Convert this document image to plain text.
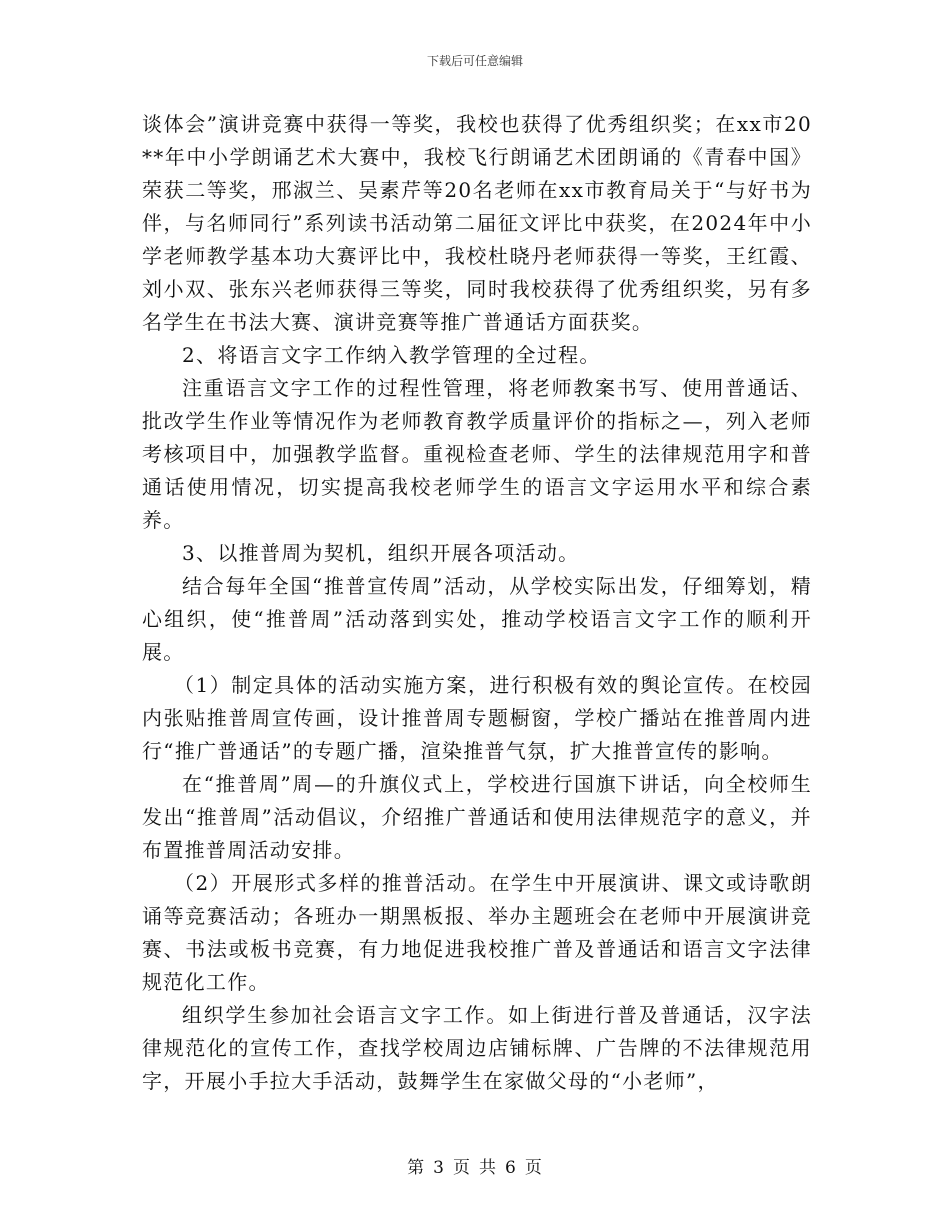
下载后可任意编辑

谈体会”演讲竞赛中获得一等奖，我校也获得了优秀组织奖；在xx市20**年中小学朗诵艺术大赛中，我校飞行朗诵艺术团朗诵的《青春中国》荣获二等奖，邢淑兰、吴素芹等20名老师在xx市教育局关于“与好书为伴，与名师同行”系列读书活动第二届征文评比中获奖，在2024年中小学老师教学基本功大赛评比中，我校杜晓丹老师获得一等奖，王红霞、刘小双、张东兴老师获得三等奖，同时我校获得了优秀组织奖，另有多名学生在书法大赛、演讲竞赛等推广普通话方面获奖。

2、将语言文字工作纳入教学管理的全过程。

注重语言文字工作的过程性管理，将老师教案书写、使用普通话、批改学生作业等情况作为老师教育教学质量评价的指标之—，列入老师考核项目中，加强教学监督。重视检查老师、学生的法律规范用字和普通话使用情况，切实提高我校老师学生的语言文字运用水平和综合素养。

3、以推普周为契机，组织开展各项活动。

结合每年全国“推普宣传周”活动，从学校实际出发，仔细筹划，精心组织，使“推普周”活动落到实处，推动学校语言文字工作的顺利开展。

（1）制定具体的活动实施方案，进行积极有效的舆论宣传。在校园内张贴推普周宣传画，设计推普周专题橱窗，学校广播站在推普周内进行“推广普通话”的专题广播，渲染推普气氛，扩大推普宣传的影响。

在“推普周”周—的升旗仪式上，学校进行国旗下讲话，向全校师生发出“推普周”活动倡议，介绍推广普通话和使用法律规范字的意义，并布置推普周活动安排。

（2）开展形式多样的推普活动。在学生中开展演讲、课文或诗歌朗诵等竞赛活动；各班办一期黑板报、举办主题班会在老师中开展演讲竞赛、书法或板书竞赛，有力地促进我校推广普及普通话和语言文字法律规范化工作。

组织学生参加社会语言文字工作。如上街进行普及普通话，汉字法律规范化的宣传工作，查找学校周边店铺标牌、广告牌的不法律规范用字，开展小手拉大手活动，鼓舞学生在家做父母的“小老师”，

第 3 页 共 6 页
